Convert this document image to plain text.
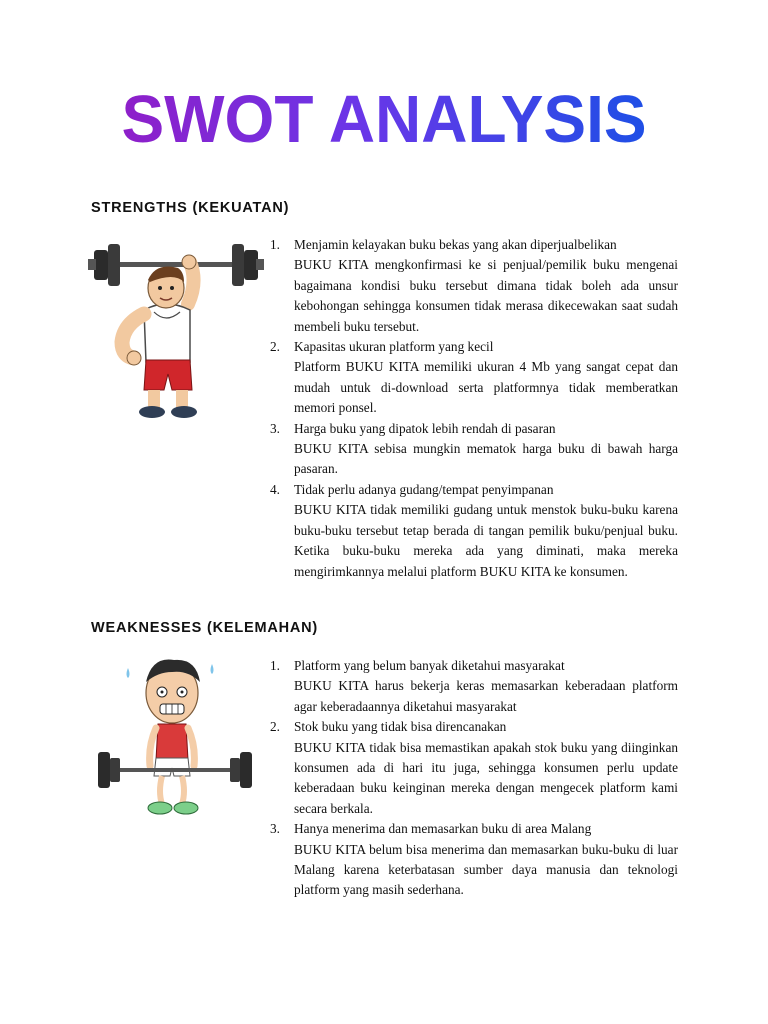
SWOT ANALYSIS
STRENGTHS (KEKUATAN)
1.	Menjamin kelayakan buku bekas yang akan diperjualbelikan
BUKU KITA mengkonfirmasi ke si penjual/pemilik buku mengenai bagaimana kondisi buku tersebut dimana tidak boleh ada unsur kebohongan sehingga konsumen tidak merasa dikecewakan saat sudah membeli buku tersebut.
2.	Kapasitas ukuran platform yang kecil
Platform BUKU KITA memiliki ukuran 4 Mb yang sangat cepat dan mudah untuk di-download serta platformnya tidak memberatkan memori ponsel.
3.	Harga buku yang dipatok lebih rendah di pasaran
BUKU KITA sebisa mungkin mematok harga buku di bawah harga pasaran.
4.	Tidak perlu adanya gudang/tempat penyimpanan
BUKU KITA tidak memiliki gudang untuk menstok buku-buku karena buku-buku tersebut tetap berada di tangan pemilik buku/penjual buku. Ketika buku-buku mereka ada yang diminati, maka mereka mengirimkannya melalui platform BUKU KITA ke konsumen.
WEAKNESSES (KELEMAHAN)
1.	Platform yang belum banyak diketahui masyarakat
BUKU KITA harus bekerja keras memasarkan keberadaan platform agar keberadaannya diketahui masyarakat
2.	Stok buku yang tidak bisa direncanakan
BUKU KITA tidak bisa memastikan apakah stok buku yang diinginkan konsumen ada di hari itu juga, sehingga konsumen perlu update keberadaan buku keinginan mereka dengan mengecek platform kami secara berkala.
3.	Hanya menerima dan memasarkan buku di area Malang
BUKU KITA belum bisa menerima dan memasarkan buku-buku di luar Malang karena keterbatasan sumber daya manusia dan teknologi platform yang masih sederhana.
